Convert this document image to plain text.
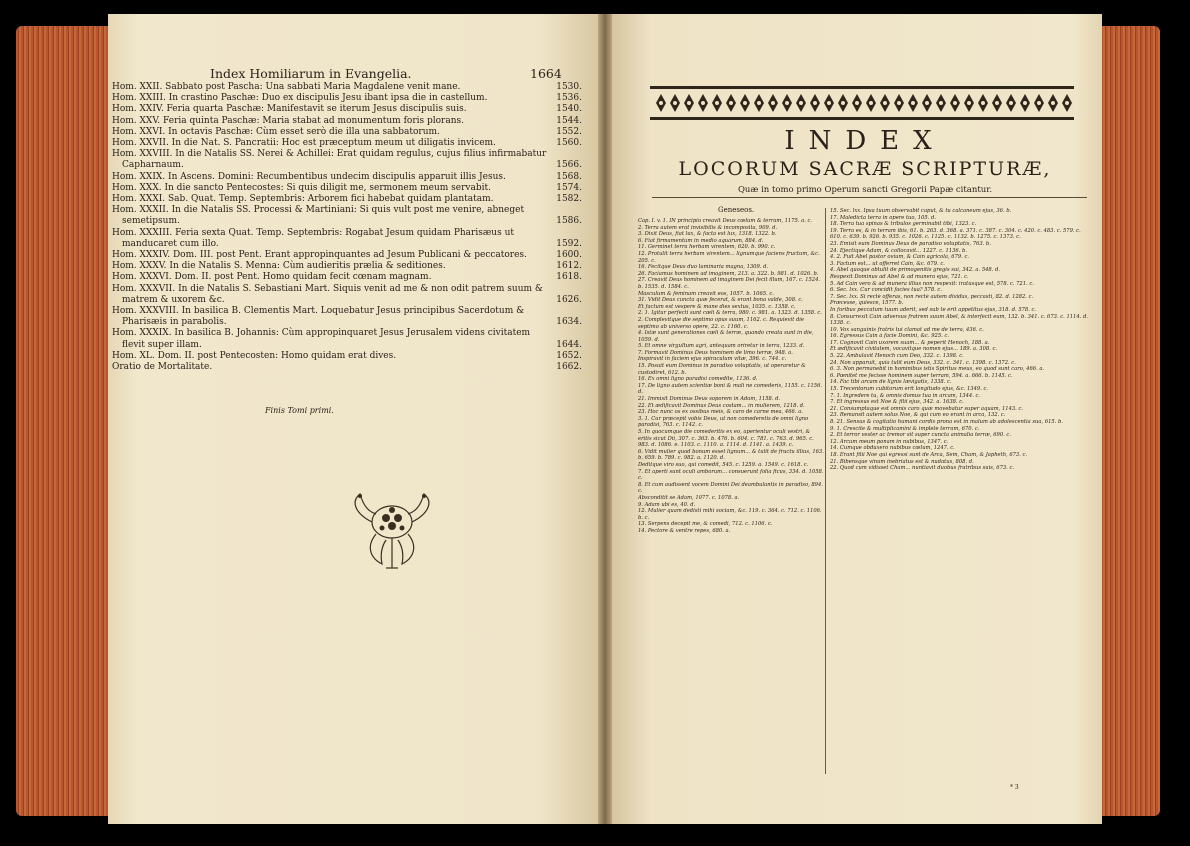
Index Homiliarum in Evangelia.	1664
Hom. XXII. Sabbato post Pascha: Una sabbati Maria Magdalene venit mane.	1530.
Hom. XXIII. In crastino Paschæ: Duo ex discipulis Jesu ibant ipsa die in castellum.	1536.
Hom. XXIV. Feria quarta Paschæ: Manifestavit se iterum Jesus discipulis suis.	1540.
Hom. XXV. Feria quinta Paschæ: Maria stabat ad monumentum foris plorans.	1544.
Hom. XXVI. In octavis Paschæ: Cùm esset serò die illa una sabbatorum.	1552.
Hom. XXVII. In die Nat. S. Pancratii: Hoc est præceptum meum ut diligatis invicem.	1560.
Hom. XXVIII. In die Natalis SS. Nerei & Achillei: Erat quidam regulus, cujus filius infirmabatur Capharnaum.	1566.
Hom. XXIX. In Ascens. Domini: Recumbentibus undecim discipulis apparuit illis Jesus.	1568.
Hom. XXX. In die sancto Pentecostes: Si quis diligit me, sermonem meum servabit.	1574.
Hom. XXXI. Sab. Quat. Temp. Septembris: Arborem fici habebat quidam plantatam.	1582.
Hom. XXXII. In die Natalis SS. Processi & Martiniani: Si quis vult post me venire, abneget semetipsum.	1586.
Hom. XXXIII. Feria sexta Quat. Temp. Septembris: Rogabat Jesum quidam Pharisæus ut manducaret cum illo.	1592.
Hom. XXXIV. Dom. III. post Pent. Erant appropinquantes ad Jesum Publicani & peccatores.	1600.
Hom. XXXV. In die Natalis S. Menna: Cùm audieritis prælia & seditiones.	1612.
Hom. XXXVI. Dom. II. post Pent. Homo quidam fecit cœnam magnam.	1618.
Hom. XXXVII. In die Natalis S. Sebastiani Mart. Siquis venit ad me & non odit patrem suum & matrem & uxorem &c.	1626.
Hom. XXXVIII. In basilica B. Clementis Mart. Loquebatur Jesus principibus Sacerdotum & Pharisæis in parabolis.	1634.
Hom. XXXIX. In basilica B. Johannis: Cùm appropinquaret Jesus Jerusalem videns civitatem flevit super illam.	1644.
Hom. XL. Dom. II. post Pentecosten: Homo quidam erat dives.	1652.
Oratio de Mortalitate.	1662.
Finis Tomi primi.
INDEX
LOCORUM SACRÆ SCRIPTURÆ,
Quæ in tomo primo Operum sancti Gregorii Papæ citantur.
Geneseos.
Cap. I. v. 1. IN principio creavit Deus cœlum & terram, 1175. a. c.
2. Terra autem erat invisibilis & incomposita, 909. d.
3. Dixit Deus, fiat lux, & facta est lux, 1318. 1322. b.
6. Fiat firmamentum in medio aquarum, 884. d.
11. Germinet terra herbam virentem, 620. b. 990. c.
12. Protulit terra herbam virentem... lignumque faciens fructum, &c. 205. c.
16. Fecitque Deus duo luminaria magna, 1309. d.
26. Faciamus hominem ad imaginem, 213. a. 322. b. 981. d. 1026. b.
27. Creavit Deus hominem ad imaginem Dei fecit illum, 167. c. 1524. b. 1535. d. 1584. c.
Masculum & feminam creavit eos, 1057. b. 1065. c.
31. Vidit Deus cuncta quæ fecerat, & erant bona valde, 308. c.
Et factum est vespere & mane dies sextus, 1035. c. 1358. c.
2. 1. Igitur perfecti sunt cœli & terra, 980. c. 981. a. 1323. d. 1358. c.
2. Complevitque die septimo opus suum, 1162. c. Requievit die septimo ab universo opere, 22. c. 1160. c.
4. Istæ sunt generationes cœli & terræ, quando creata sunt in die, 1059. d.
5. Et omne virgultum agri, antequam oriretur in terra, 1233. d.
7. Formavit Dominus Deus hominem de limo terræ, 948. a.
Inspiravit in faciem ejus spiraculum vitæ, 396. c. 744. c.
15. Posuit eum Dominus in paradiso voluptatis, ut operaretur & custodiret, 612. b.
16. Ex omni ligno paradisi comedite, 1136. d.
17. De ligno autem scientiæ boni & mali ne comederis, 1155. c. 1156. d.
21. Immisit Dominus Deus soporem in Adam, 1158. d.
22. Et ædificavit Dominus Deus costam... in mulierem, 1218. d.
23. Hoc nunc os ex ossibus meis, & caro de carne mea, 466. a.
3. 1. Cur præcepit vobis Deus, ut non comederetis de omni ligno paradisi, 763. c. 1142. c.
5. In quocumque die comederitis ex eo, aperientur oculi vestri, & eritis sicut Dii, 307. c. 363. b. 476. b. 604. c. 781. c. 763. d. 965. c. 983. d. 1086. e. 1103. c. 1110. a. 1114. d. 1141. a. 1439. c.
6. Vidit mulier quod bonum esset lignum... & tulit de fructu illius, 163. b. 659. b. 789. c. 982. a. 1120. d.
Deditque viro suo, qui comedit, 545. c. 1259. a. 1549. c. 1618. c.
7. Et aperti sunt oculi amborum... consuerunt folia ficus, 334. d. 1058. c.
8. Et cum audissent vocem Domini Dei deambulantis in paradiso, 894. c.
Absconditit se Adam, 1077. c. 1078. a.
9. Adam ubi es, 40. d.
12. Mulier quam dedisti mihi sociam, &c. 119. c. 364. c. 712. c. 1106. b. c.
13. Serpens decepit me, & comedi, 712. c. 1106. c.
14. Pectore & ventre repes, 680. a.
15. Sec. lxx. Ipsa tuum observabit caput, & tu calcaneum ejus, 36. b.
17. Maledicta terra in opere tuo, 105. d.
18. Terra tua spinas & tribulos germinabit tibi, 1323. c.
19. Terra es, & in terram ibis, 61. b. 263. d. 368. a. 371. c. 387. c. 304. c. 420. c. 483. c. 579. c. 610. c. 639. b. 926. b. 935. c. 1026. c. 1125. c. 1132. b. 1275. c. 1373. c.
23. Emisit eum Dominus Deus de paradiso voluptatis, 763. b.
24. Ejectique Adam, & collocavit... 1227. c. 1136. b.
4. 2. Fuit Abel pastor ovium, & Cain agricola, 679. c.
3. Factum est... ut offerret Cain, &c. 679. c.
4. Abel quoque obtulit de primogenitis gregis sui, 342. a. 548. d.
Respexit Dominus ad Abel & ad munera ejus, 721. c.
5. Ad Cain vero & ad munera illius non respexit: iratusque est, 578. c. 721. c.
6. Sec. lxx. Cur concidit facies tua? 578. c.
7. Sec. lxx. Si rectè offeras, non rectè autem dividas, peccasti, 82. d. 1282. c.
Præcesse, quiesce, 1577. b.
In foribus peccatum tuum aderit, sed sub te erit appetitus ejus, 318. d. 578. c.
8. Consurrexit Cain adversus fratrem suum Abel, & interfecit eum, 132. b. 341. c. 673. c. 1114. d. 1338. c.
10. Vox sanguinis fratris tui clamat ad me de terra, 436. c.
16. Egressus Cain à facie Domini, &c. 925. c.
17. Cognovit Cain uxorem suam... & peperit Henoch, 188. a.
Et ædificavit civitatem, vocavitque nomen ejus... 189. a. 308. c.
5. 22. Ambulavit Henoch cum Deo, 332. c. 1398. c.
24. Non apparuit, quia tulit eum Deus, 332. c. 341. c. 1398. c. 1372. c.
6. 3. Non permanebit in hominibus istis Spiritus meus, eo quod sunt caro, 466. a.
6. Pœnitet me fecisse hominem super terram, 594. a. 666. b. 1145. c.
14. Fac tibi arcam de lignis lævigatis, 1338. c.
15. Trecentorum cubitorum erit longitudo ejus, &c. 1349. c.
7. 1. Ingredere tu, & omnis domus tua in arcam, 1344. c.
7. Et ingressus est Noe & filii ejus, 342. a. 1638. c.
21. Consumptaque est omnis caro quæ movebatur super aquam, 1143. c.
23. Remansit autem solus Noe, & qui cum eo erant in arca, 132. c.
8. 21. Sensus & cogitatio humani cordis prona est in malum ab adolescentia sua, 615. b.
9. 1. Crescite & multiplicamini & implete terram, 670. c.
2. Et terror vester ac tremor sit super cuncta animalia terræ, 690. c.
12. Arcum meum ponam in nubibus, 1347. c.
14. Cumque obduxero nubibus cœlum, 1247. c.
18. Erant filii Noe qui egressi sunt de Arca, Sem, Cham, & Japheth, 673. c.
21. Bibensque vinum inebriatus est & nudatus, 808. d.
22. Quod cum vidisset Cham... nuntiavit duobus fratribus suis, 673. c.
* 3
